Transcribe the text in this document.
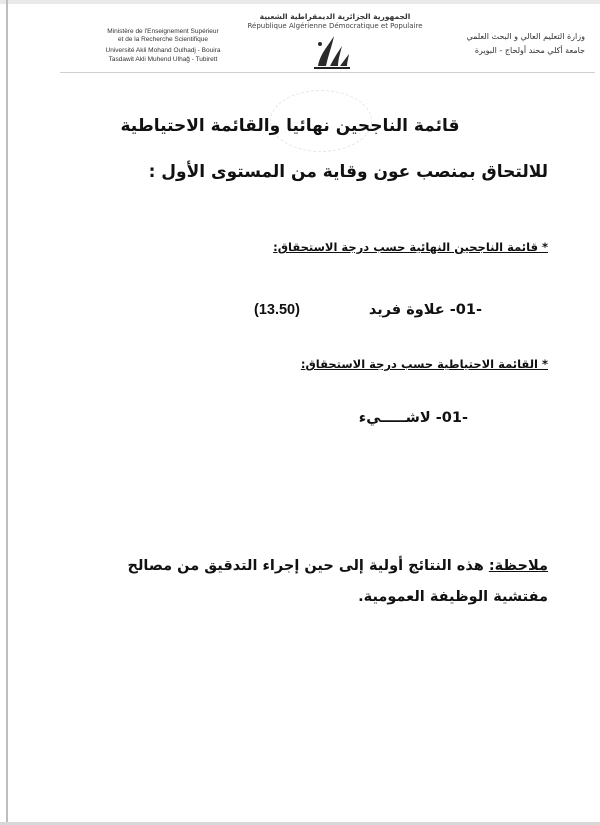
الجمهورية الجزائرية الديمقراطية الشعبية
République Algérienne Démocratique et Populaire
Ministère de l'Enseignement Supérieur
et de la Recherche Scientifique
Université Akli Mohand Oulhadj - Bouira
Tasdawit Akli Muhend Ulhağ - Tubirett
وزارة التعليم العالي و البحث العلمي
جامعة أكلي محند أولحاج - البويرة
قائمة الناجحين نهائيا والقائمة الاحتياطية
للالتحاق بمنصب عون وقاية من المستوى الأول :
* قائمة الناجحين النهائية حسب درجة الاستحقاق:
-01- علاوة فريد
(13.50)
* القائمة الاحتياطية حسب درجة الاستحقاق:
-01- لاشـــــيء
ملاحظة: هذه النتائج أولية إلى حين إجراء التدقيق من مصالح مفتشية الوظيفة العمومية.
